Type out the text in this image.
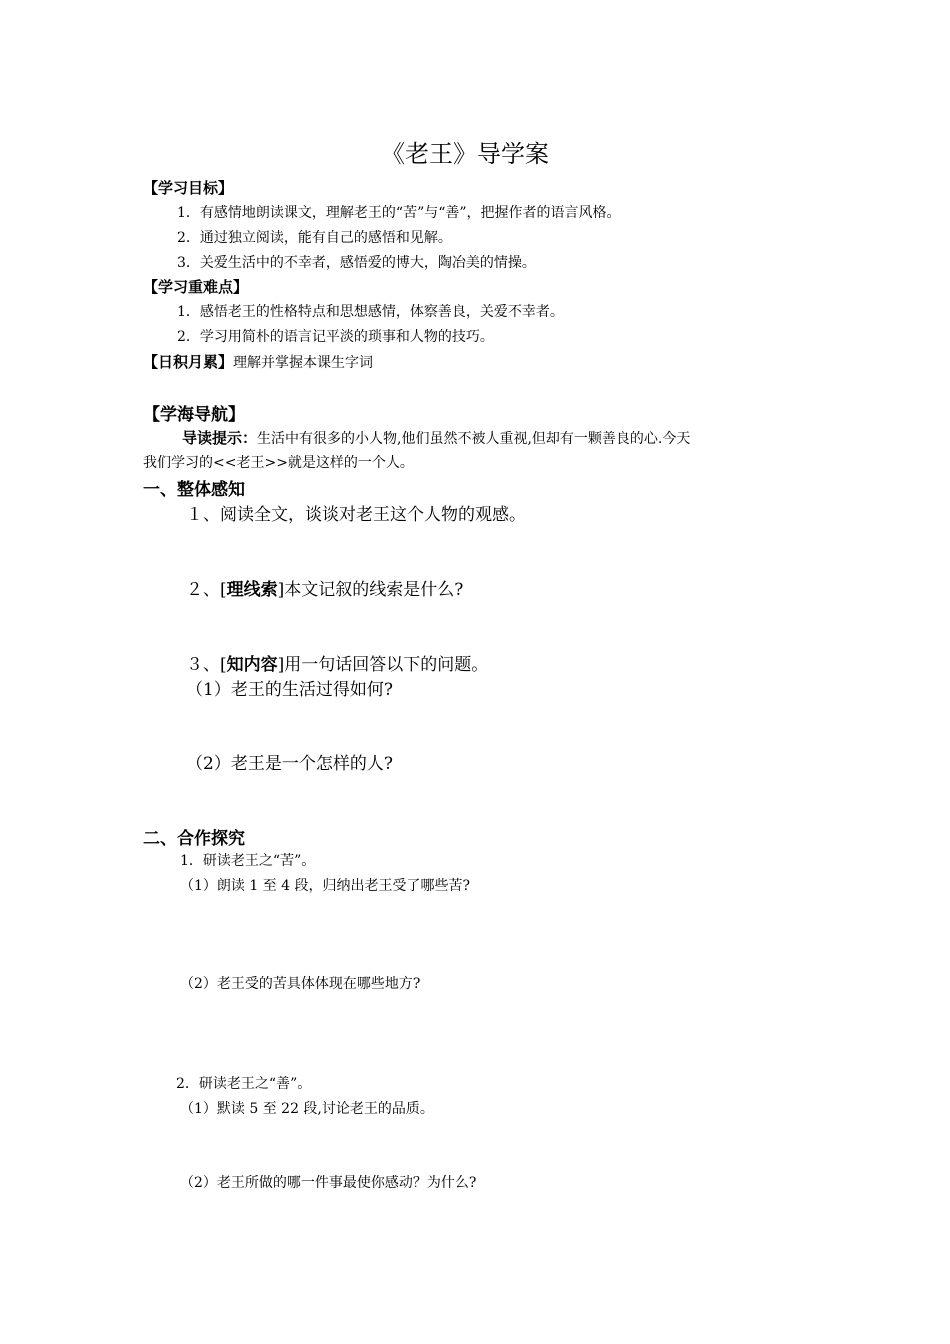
《老王》导学案
【学习目标】
1．有感情地朗读课文，理解老王的“苦”与“善”，把握作者的语言风格。
2．通过独立阅读，能有自己的感悟和见解。
3．关爱生活中的不幸者，感悟爱的博大，陶冶美的情操。
【学习重难点】
1．感悟老王的性格特点和思想感情，体察善良，关爱不幸者。
2．学习用简朴的语言记平淡的琐事和人物的技巧。
【日积月累】理解并掌握本课生字词
【学海导航】
导读提示：生活中有很多的小人物,他们虽然不被人重视,但却有一颗善良的心.今天
我们学习的<<老王>>就是这样的一个人。
一、整体感知
１、阅读全文，谈谈对老王这个人物的观感。
２、[理线索]本文记叙的线索是什么?
３、[知内容]用一句话回答以下的问题。
（1）老王的生活过得如何?
（2）老王是一个怎样的人?
二、合作探究
1．研读老王之“苦”。
（1）朗读 1 至 4 段，归纳出老王受了哪些苦?
（2）老王受的苦具体体现在哪些地方?
2．研读老王之“善”。
（1）默读 5 至 22 段,讨论老王的品质。
（2）老王所做的哪一件事最使你感动？为什么?
